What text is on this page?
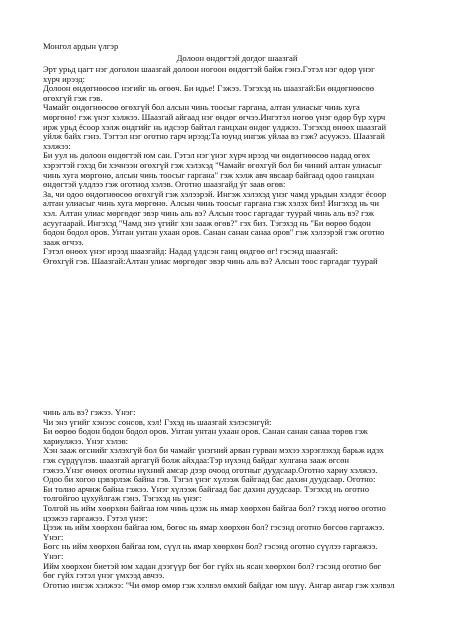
Монгол ардын үлгэр
Долоон өндөгтэй догдог шаазгай
Эрт урьд цагт нэг доголон шаазгай долоон ногоон өндөгтэй байж гэнэ.Гэтэл нэг өдөр үнэг
хүрч ирээд:
Долоон өндөгнөөсөө нэгийг нь өгөөч. Би идье! Гэжээ. Тэгэхэд нь шаазгай:Би өндөгнөөсөө
өгөхгүй гэж гэв.
Чамайг өндөгнөөсөө өгөхгүй бол алсын чинь тоосыг гаргана, алтан улиасыг чинь хуга
мөргөнө! гэж үнэг хэлжээ. Шаазгай айгаад нэг өндөг өгчээ.Ингэтэл нөгөө үнэг өдөр бүр хүрч
ирж урьд ёсоор хэлж өндгийг нь идсээр байтал ганцхан өндөг үлджээ. Тэгэхэд өнөөх шаазгай
уйлж байх гэнэ. Тэгтэл нэг оготно гарч ирээд:Та юунд ингэж уйлаа вэ гэж? асуужээ. Шаазгай
хэлжээ:
Би уул нь долоон өндөгтэй юм сан. Гэтэл нэг үнэг хүрч ирээд чи өндөгнөөсөө надад өгөх
хэрэгтэй гэхэд би хэчнээн өгөхгүй гэж хэлэхэд "Чамайг өгөхгүй бол би чиний алтан улиасыг
чинь хуга мөргөнө, алсын чинь тоосыг гаргана" гэж хэлж авч явсаар байгаад одоо ганцхан
өндөгтэй үлдлээ гэж оготнод хэлэв. Оготно шаазгайд ӱг заав өгөв:
За, чи одоо өндөгнөөсөө өгөхгүй гэж хэлээрэй. Ингэж хэлэхэд үнэг чамд урьдын хэлдэг ёсоор
алтан улиасыг чинь хуга мөргөнө. Алсын чинь тоосыг гаргана гэж хэлэх биз! Ингэхэд нь чи
хэл. Алтан улиас мөргөдөг эвэр чинь аль вэ? Алсын тоос гаргадаг туурай чинь аль вэ? гэж
асуугаарай. Ингэхэд "Чамд энэ үгийг хэн зааж өгөв?" гэх биз. Тэгэхэд нь "Би өөрөө бодон
бодон бодол оров. Унтан унтан ухаан оров. Санан санан санаа оров" гэж хэлээрэй гэж оготно
зааж өгчээ.
Гэтэл өнөөх үнэг ирээд шаазгайд: Надад үлдсэн ганц өндгөө өг! гэсэнд шаазгай:
Өгөхгүй гэв. Шаазгай:Алтан улиас мөргөдөг эвэр чинь аль вэ? Алсын тоос гаргадаг туурай
чинь аль вэ? гэжээ. Үнэг:
Чи энэ үгийг хэнээс сонсов, хэл! Гэхэд нь шаазгай хэлэсэнгүй:
Би өөрөө бодон бодон бодол оров. Унтан унтан ухаан оров. Санан санан санаа төрөв гэж
хариулжээ. Үнэг хэлэв:
Хэн зааж өгснийг хэлэхгүй бол би чамайг үнэгний арван гурван мэхээ хэрэглэхэд барьж идэх
гэж сүрдүүлэв. шаазгай аргагүй болж айхдаа:Тэр нүхэнд байдаг хулгана зааж өгсөн
гэжээ.Үнэг өнөөх оготны нүхний амсар дээр очоод оготныг дуудсаар.Оготно хариу хэлжээ.
Одоо би хогоо цэвэрлэж байна гэв. Тэгэл үнэг хүлээж байгаад бас дахин дуудсаар. Оготно:
Би толио арчиж байна гэжээ. Үнэг хүлээж байгаад бас дахин дуудсаар. Тэгэхэд нь оготно
толгойгоо цухуйлгаж гэнэ. Тэгэхэд нь үнэг:
Толгой нь ийм хөөрхөн байгаа юм чинь цээж нь ямар хөөрхөн байгаа бол? гэхэд нөгөө оготно
цээжээ гаргажээ. Гэтэл үнэг:
Цээж нь ийм хөөрхөн байгаа юм, бөгөс нь ямар хөөрхөн бол? гэсэнд оготно бөгсөө гаргажээ.
Үнэг:
Бөгс нь ийм хөөрхөн байгаа юм, сүүл нь ямар хөөрхөн бол? гэсэнд оготно сүүлээ гаргажээ.
Үнэг:
Ийм хөөрхөн биетэй юм хадан дээгүүр бөг бөг гүйх нь ясан хөөрхөн бол? гэсэнд оготно бөг
бөг гүйх гэтэл үнэг үмхээд авчээ.
Оготно ингэж хэлжээ: "Чи өмөр өмөр гэж хэлвэл өмхий байдаг юм шүү. Ангар ангар гэж хэлвэл
